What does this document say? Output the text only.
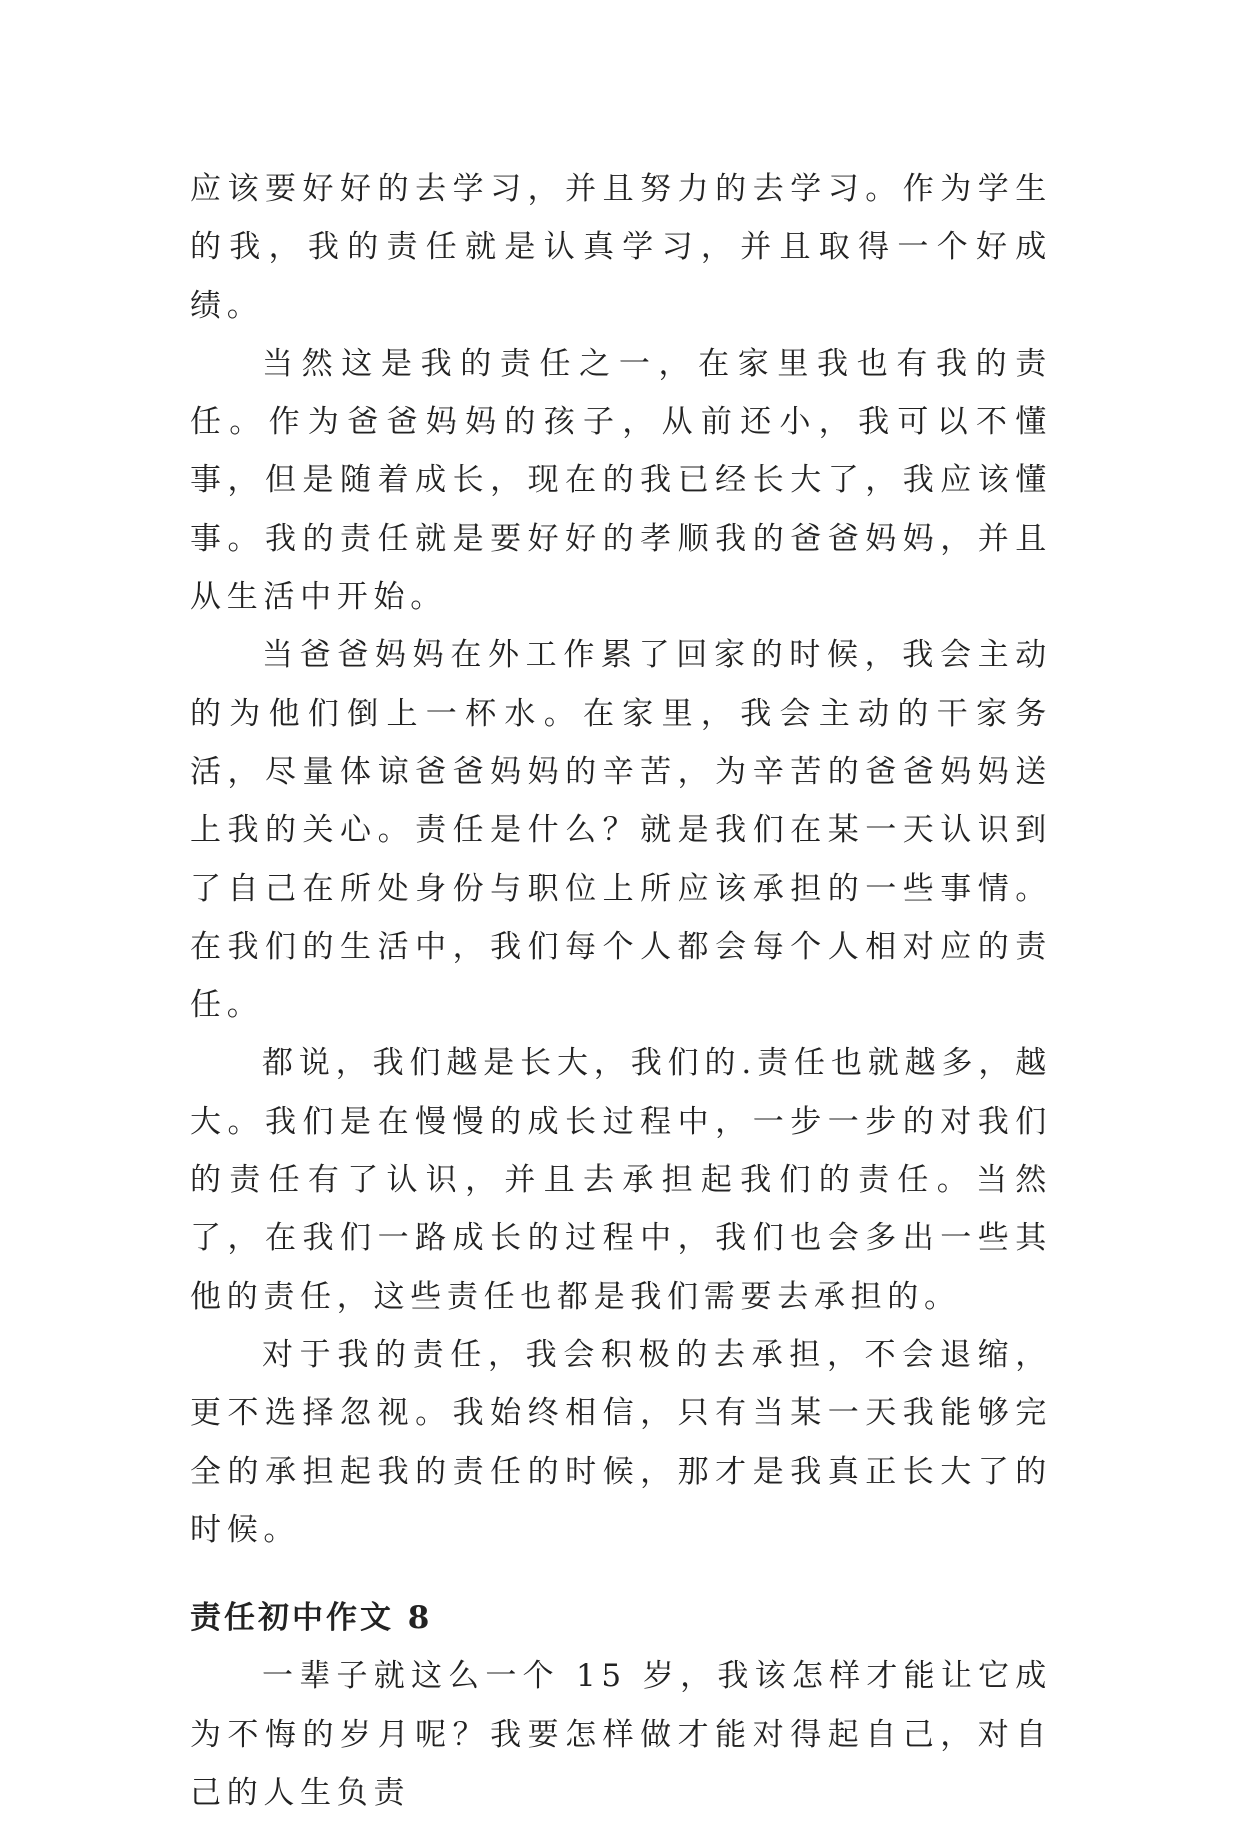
应该要好好的去学习，并且努力的去学习。作为学生的我，我的责任就是认真学习，并且取得一个好成绩。

当然这是我的责任之一，在家里我也有我的责任。作为爸爸妈妈的孩子，从前还小，我可以不懂事，但是随着成长，现在的我已经长大了，我应该懂事。我的责任就是要好好的孝顺我的爸爸妈妈，并且从生活中开始。

当爸爸妈妈在外工作累了回家的时候，我会主动的为他们倒上一杯水。在家里，我会主动的干家务活，尽量体谅爸爸妈妈的辛苦，为辛苦的爸爸妈妈送上我的关心。责任是什么？就是我们在某一天认识到了自己在所处身份与职位上所应该承担的一些事情。在我们的生活中，我们每个人都会每个人相对应的责任。

都说，我们越是长大，我们的.责任也就越多，越大。我们是在慢慢的成长过程中，一步一步的对我们的责任有了认识，并且去承担起我们的责任。当然了，在我们一路成长的过程中，我们也会多出一些其他的责任，这些责任也都是我们需要去承担的。

对于我的责任，我会积极的去承担，不会退缩，更不选择忽视。我始终相信，只有当某一天我能够完全的承担起我的责任的时候，那才是我真正长大了的时候。

责任初中作文 8

一辈子就这么一个 15 岁，我该怎样才能让它成为不悔的岁月呢？我要怎样做才能对得起自己，对自己的人生负责
